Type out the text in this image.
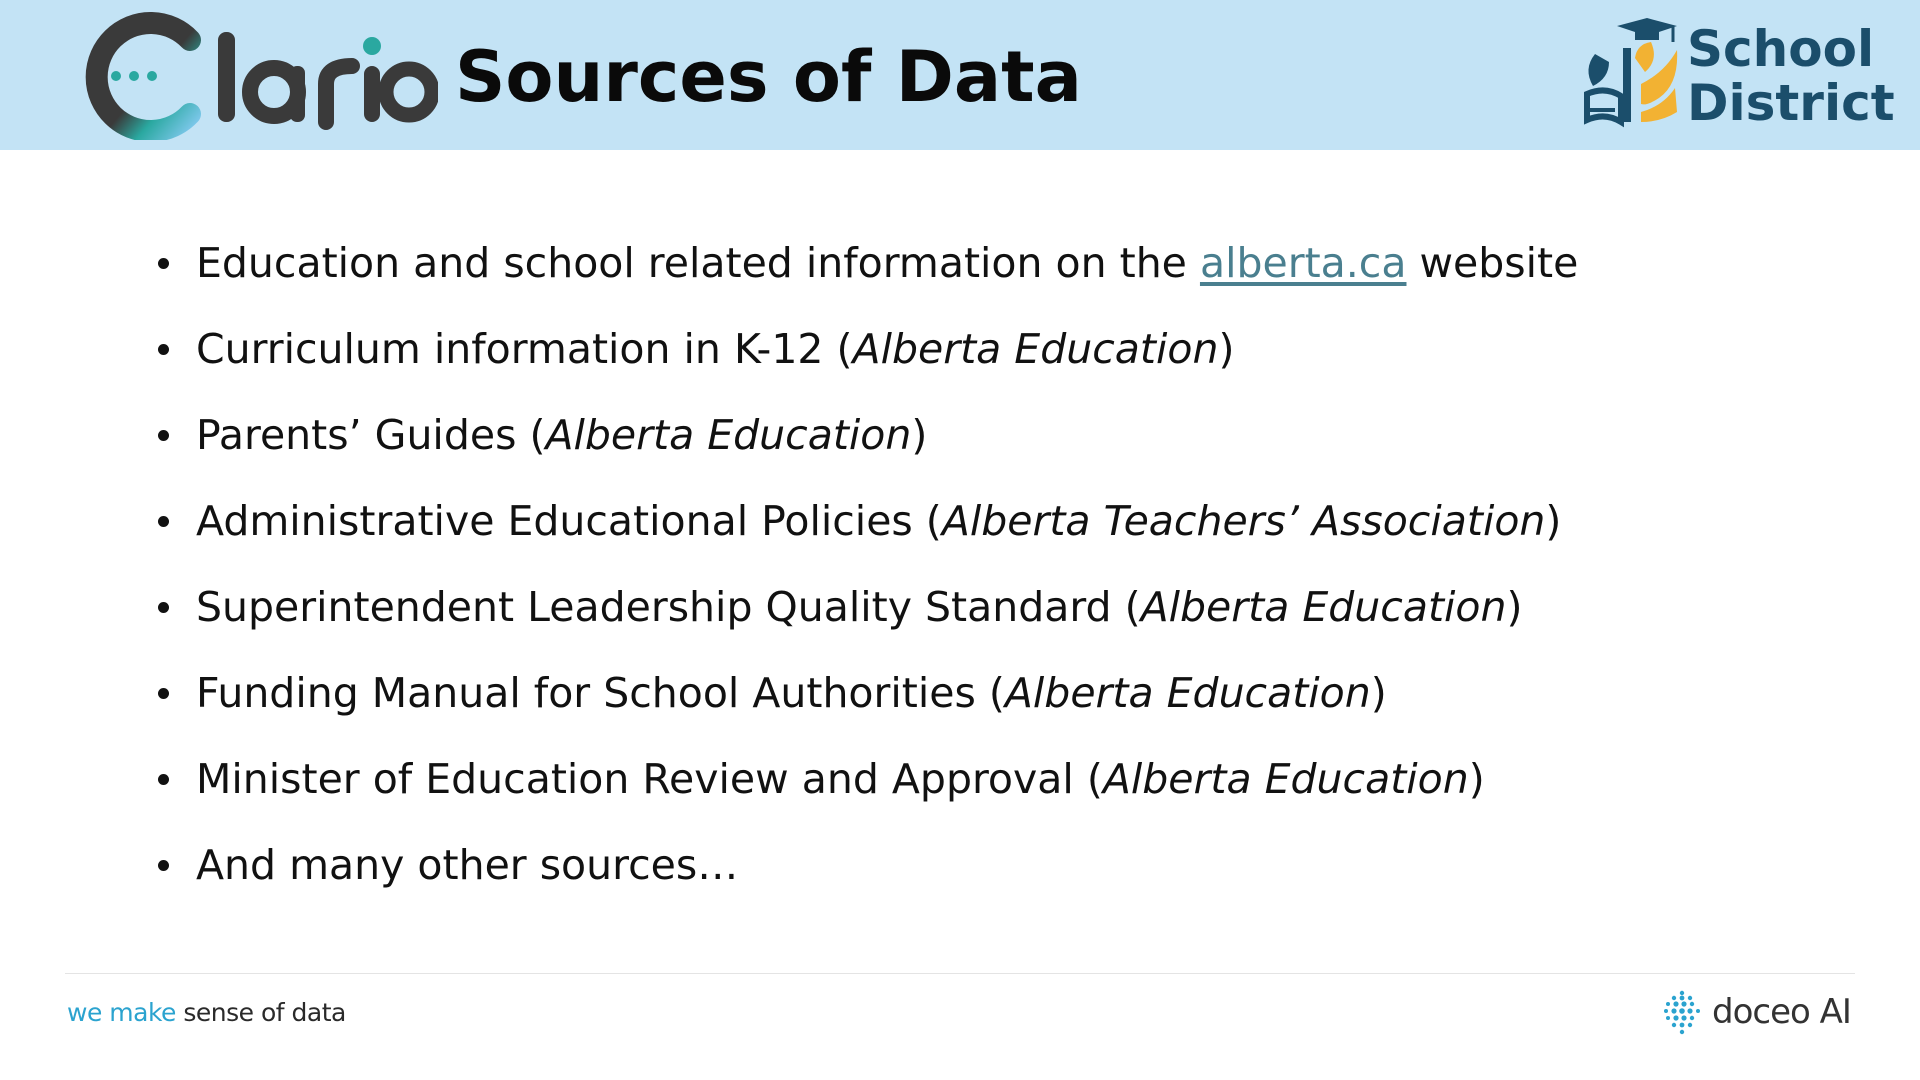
Sources of Data	School
District
Education and school related information on the alberta.ca website
Curriculum information in K-12 (Alberta Education)
Parents’ Guides (Alberta Education)
Administrative Educational Policies (Alberta Teachers’ Association)
Superintendent Leadership Quality Standard (Alberta Education)
Funding Manual for School Authorities (Alberta Education)
Minister of Education Review and Approval (Alberta Education)
And many other sources…
we make sense of data	doceo AI
